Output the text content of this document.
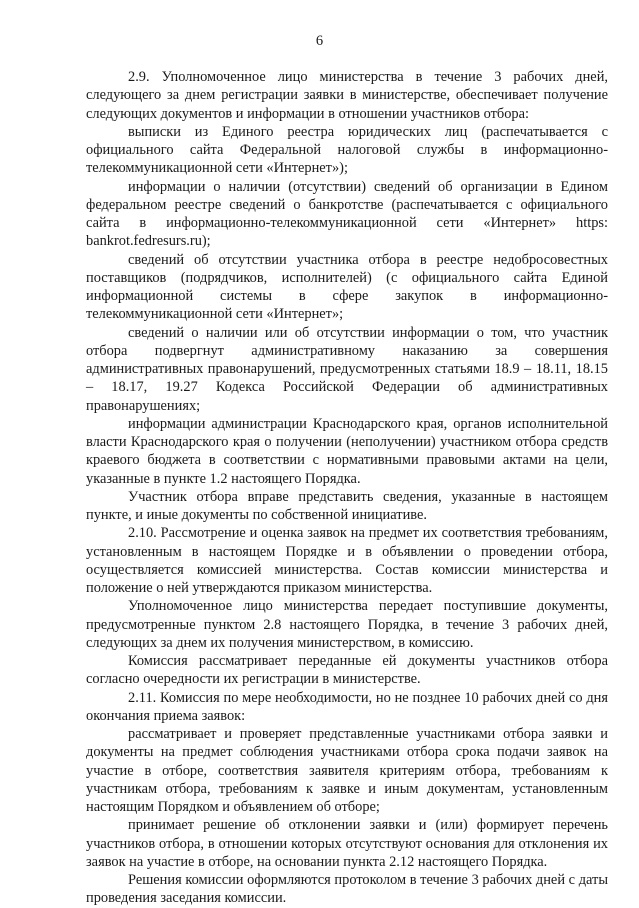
6

2.9. Уполномоченное лицо министерства в течение 3 рабочих дней, следующего за днем регистрации заявки в министерстве, обеспечивает получение следующих документов и информации в отношении участников отбора:

выписки из Единого реестра юридических лиц (распечатывается с официального сайта Федеральной налоговой службы в информационно-телекоммуникационной сети «Интернет»);

информации о наличии (отсутствии) сведений об организации в Едином федеральном реестре сведений о банкротстве (распечатывается с официального сайта в информационно-телекоммуникационной сети «Интернет» https: bankrot.fedresurs.ru);

сведений об отсутствии участника отбора в реестре недобросовестных поставщиков (подрядчиков, исполнителей) (с официального сайта Единой информационной системы в сфере закупок в информационно-телекоммуникационной сети «Интернет»;

сведений о наличии или об отсутствии информации о том, что участник отбора подвергнут административному наказанию за совершения административных правонарушений, предусмотренных статьями 18.9 – 18.11, 18.15 – 18.17, 19.27 Кодекса Российской Федерации об административных правонарушениях;

информации администрации Краснодарского края, органов исполнительной власти Краснодарского края о получении (неполучении) участником отбора средств краевого бюджета в соответствии с нормативными правовыми актами на цели, указанные в пункте 1.2 настоящего Порядка.

Участник отбора вправе представить сведения, указанные в настоящем пункте, и иные документы по собственной инициативе.

2.10. Рассмотрение и оценка заявок на предмет их соответствия требованиям, установленным в настоящем Порядке и в объявлении о проведении отбора, осуществляется комиссией министерства. Состав комиссии министерства и положение о ней утверждаются приказом министерства.

Уполномоченное лицо министерства передает поступившие документы, предусмотренные пунктом 2.8 настоящего Порядка, в течение 3 рабочих дней, следующих за днем их получения министерством, в комиссию.

Комиссия рассматривает переданные ей документы участников отбора согласно очередности их регистрации в министерстве.

2.11. Комиссия по мере необходимости, но не позднее 10 рабочих дней со дня окончания приема заявок:

рассматривает и проверяет представленные участниками отбора заявки и документы на предмет соблюдения участниками отбора срока подачи заявок на участие в отборе, соответствия заявителя критериям отбора, требованиям к участникам отбора, требованиям к заявке и иным документам, установленным настоящим Порядком и объявлением об отборе;

принимает решение об отклонении заявки и (или) формирует перечень участников отбора, в отношении которых отсутствуют основания для отклонения их заявок на участие в отборе, на основании пункта 2.12 настоящего Порядка.

Решения комиссии оформляются протоколом в течение 3 рабочих дней с даты проведения заседания комиссии.
